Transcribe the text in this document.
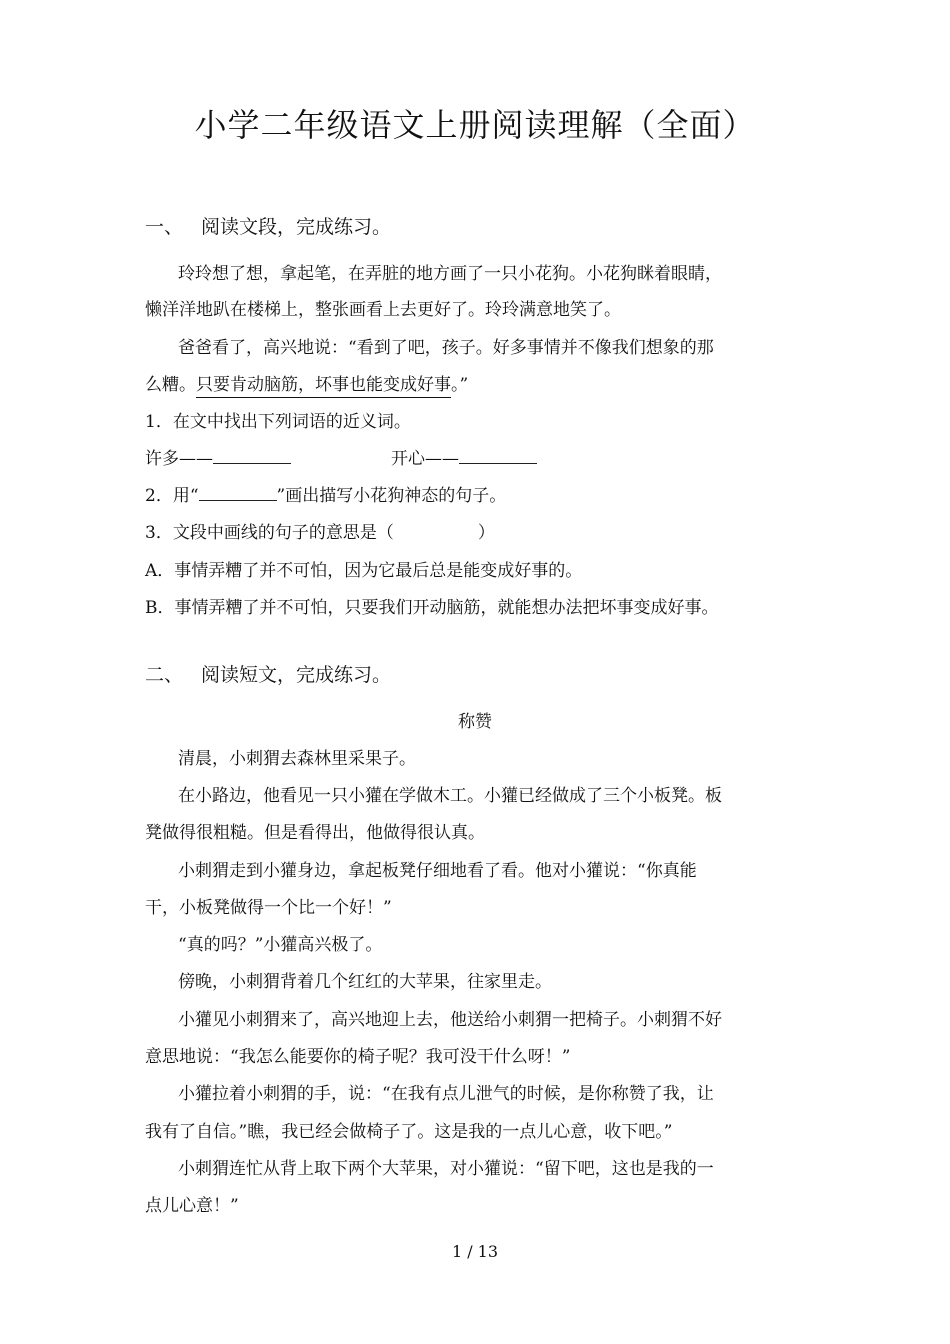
小学二年级语文上册阅读理解（全面）
一、 阅读文段，完成练习。
玲玲想了想，拿起笔，在弄脏的地方画了一只小花狗。小花狗眯着眼睛，
懒洋洋地趴在楼梯上，整张画看上去更好了。玲玲满意地笑了。
爸爸看了，高兴地说：“看到了吧，孩子。好多事情并不像我们想象的那
么糟。只要肯动脑筋，坏事也能变成好事。”
1．在文中找出下列词语的近义词。
许多——	开心——
2．用“	”画出描写小花狗神态的句子。
3．文段中画线的句子的意思是（	）
A．事情弄糟了并不可怕，因为它最后总是能变成好事的。
B．事情弄糟了并不可怕，只要我们开动脑筋，就能想办法把坏事变成好事。
二、 阅读短文，完成练习。
称赞
清晨，小刺猬去森林里采果子。
在小路边，他看见一只小獾在学做木工。小獾已经做成了三个小板凳。板
凳做得很粗糙。但是看得出，他做得很认真。
小刺猬走到小獾身边，拿起板凳仔细地看了看。他对小獾说：“你真能
干，小板凳做得一个比一个好！”
“真的吗？”小獾高兴极了。
傍晚，小刺猬背着几个红红的大苹果，往家里走。
小獾见小刺猬来了，高兴地迎上去，他送给小刺猬一把椅子。小刺猬不好
意思地说：“我怎么能要你的椅子呢？我可没干什么呀！”
小獾拉着小刺猬的手，说：“在我有点儿泄气的时候，是你称赞了我，让
我有了自信。”瞧，我已经会做椅子了。这是我的一点儿心意，收下吧。”
小刺猬连忙从背上取下两个大苹果，对小獾说：“留下吧，这也是我的一
点儿心意！”
1 / 13
